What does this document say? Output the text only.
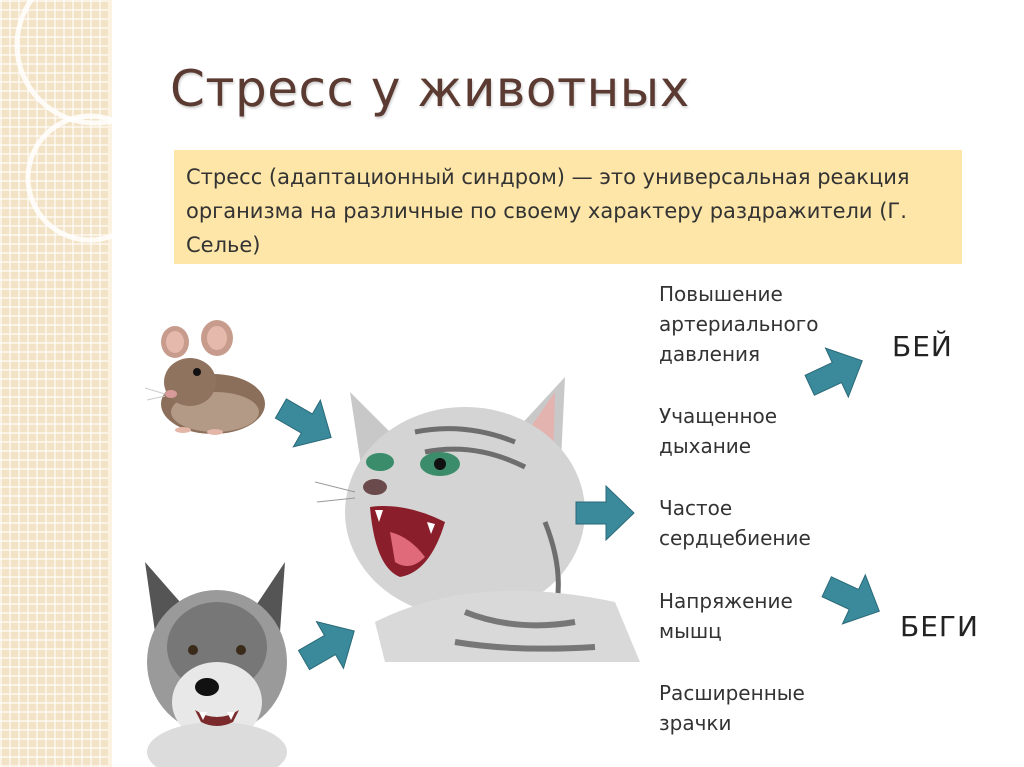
Стресс у животных
Стресс (адаптационный синдром) — это универсальная реакция организма на различные по своему характеру раздражители (Г. Селье)
Повышение
артериального
давления
Учащенное
дыхание
Частое
сердцебиение
Напряжение
мышц
Расширенные
зрачки
БЕЙ
БЕГИ
